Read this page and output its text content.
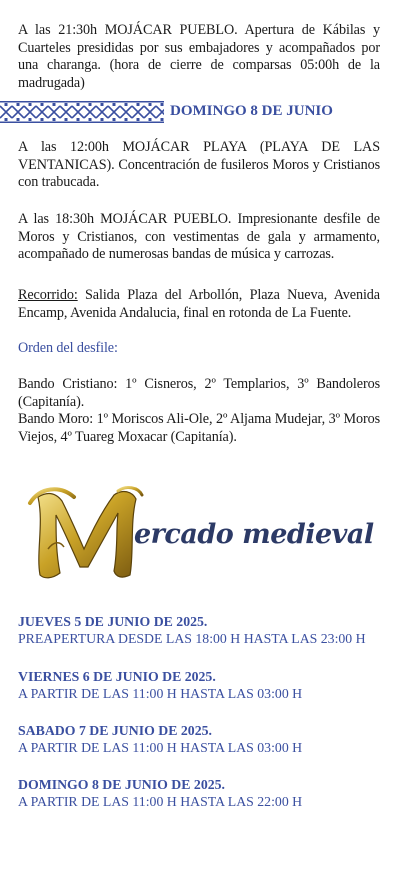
A las 21:30h MOJÁCAR PUEBLO. Apertura de Kábilas y Cuarteles presididas por sus embajadores y acompañados por una charanga. (hora de cierre de comparsas 05:00h de la madrugada)

DOMINGO 8 DE JUNIO

A las 12:00h MOJÁCAR PLAYA (PLAYA DE LAS VENTANICAS). Concentración de fusileros Moros y Cristianos con trabucada.

A las 18:30h MOJÁCAR PUEBLO. Impresionante desfile de Moros y Cristianos, con vestimentas de gala y armamento, acompañado de numerosas bandas de música y carrozas.

Recorrido: Salida Plaza del Arbollón, Plaza Nueva, Avenida Encamp, Avenida Andalucia, final en rotonda de La Fuente.

Orden del desfile:

Bando Cristiano: 1º Cisneros, 2º Templarios, 3º Bandoleros (Capitanía).

Bando Moro: 1º Moriscos Ali-Ole, 2º Aljama Mudejar, 3º Moros Viejos, 4º Tuareg Moxacar (Capitanía).

ercado medieval
JUEVES 5 DE JUNIO DE 2025.
PREAPERTURA DESDE LAS 18:00 H HASTA LAS 23:00 H
VIERNES 6 DE JUNIO DE 2025.
A PARTIR DE LAS 11:00 H HASTA LAS 03:00 H
SABADO 7 DE JUNIO DE 2025.
A PARTIR DE LAS 11:00 H HASTA LAS 03:00 H
DOMINGO 8 DE JUNIO DE 2025.
A PARTIR DE LAS 11:00 H HASTA LAS 22:00 H
